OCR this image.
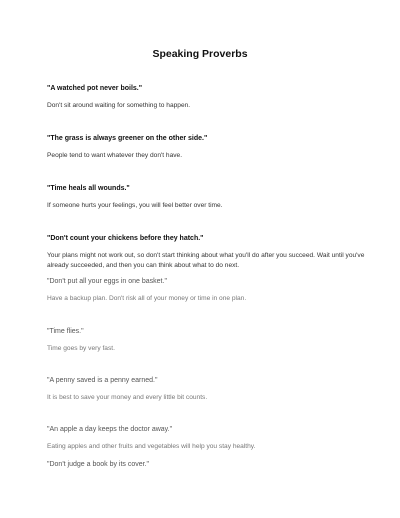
Speaking Proverbs
"A watched pot never boils."
Don't sit around waiting for something to happen.
"The grass is always greener on the other side."
People tend to want whatever they don't have.
"Time heals all wounds."
If someone hurts your feelings, you will feel better over time.
"Don't count your chickens before they hatch."
Your plans might not work out, so don't start thinking about what you'll do after you succeed. Wait until you've already succeeded, and then you can think about what to do next.
"Don't put all your eggs in one basket."
Have a backup plan. Don't risk all of your money or time in one plan.
"Time flies."
Time goes by very fast.
"A penny saved is a penny earned."
It is best to save your money and every little bit counts.
"An apple a day keeps the doctor away."
Eating apples and other fruits and vegetables will help you stay healthy.
"Don't judge a book by its cover."
